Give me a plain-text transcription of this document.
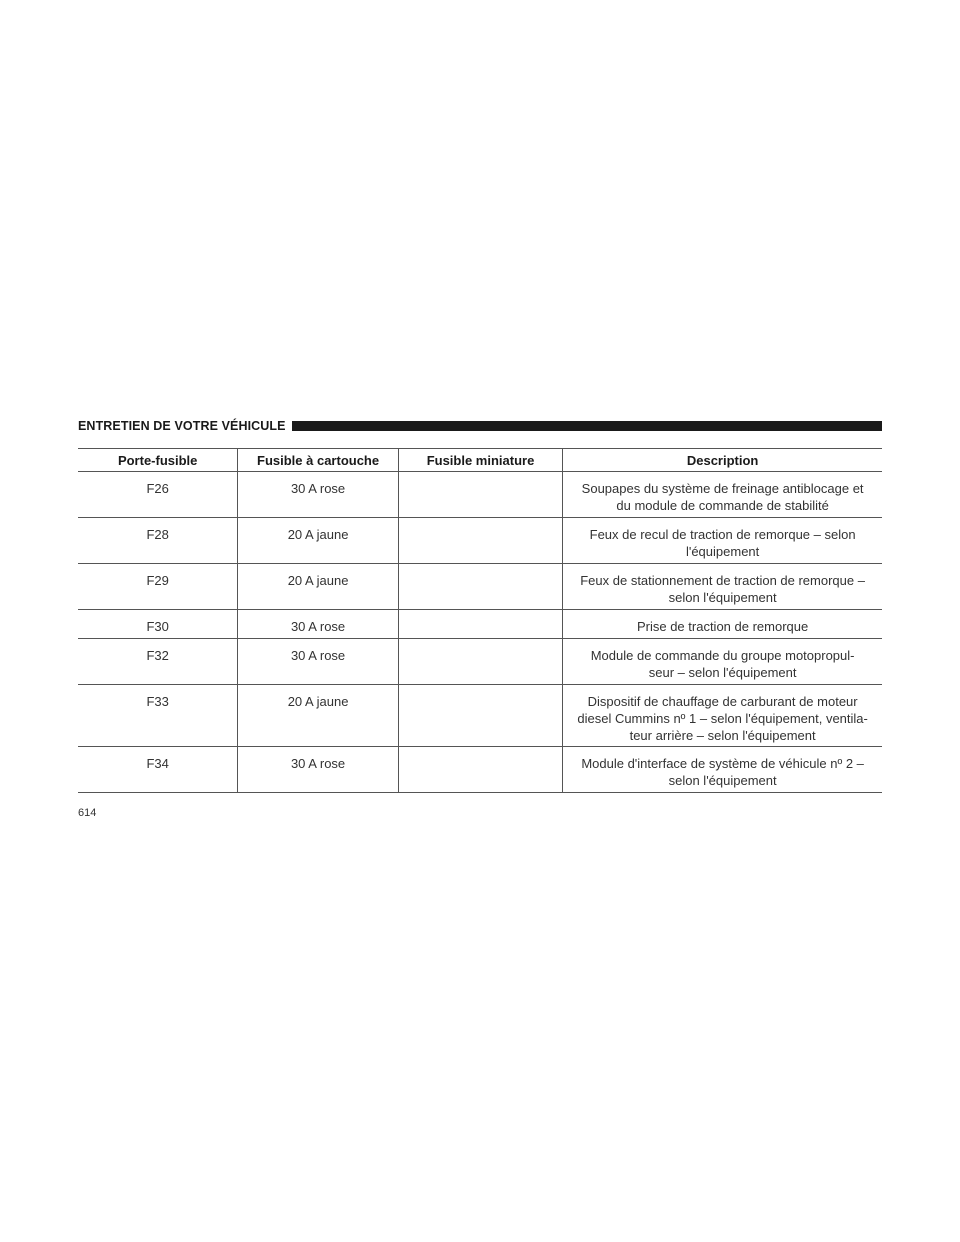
ENTRETIEN DE VOTRE VÉHICULE
Porte-fusible	Fusible à cartouche	Fusible miniature	Description
F26	30 A rose		Soupapes du système de freinage antiblocage et
du module de commande de stabilité
F28	20 A jaune		Feux de recul de traction de remorque – selon
l'équipement
F29	20 A jaune		Feux de stationnement de traction de remorque –
selon l'équipement
F30	30 A rose		Prise de traction de remorque
F32	30 A rose		Module de commande du groupe motopropul-
seur – selon l'équipement
F33	20 A jaune		Dispositif de chauffage de carburant de moteur
diesel Cummins nº 1 – selon l'équipement, ventila-
teur arrière – selon l'équipement
F34	30 A rose		Module d'interface de système de véhicule nº 2 –
selon l'équipement
614
